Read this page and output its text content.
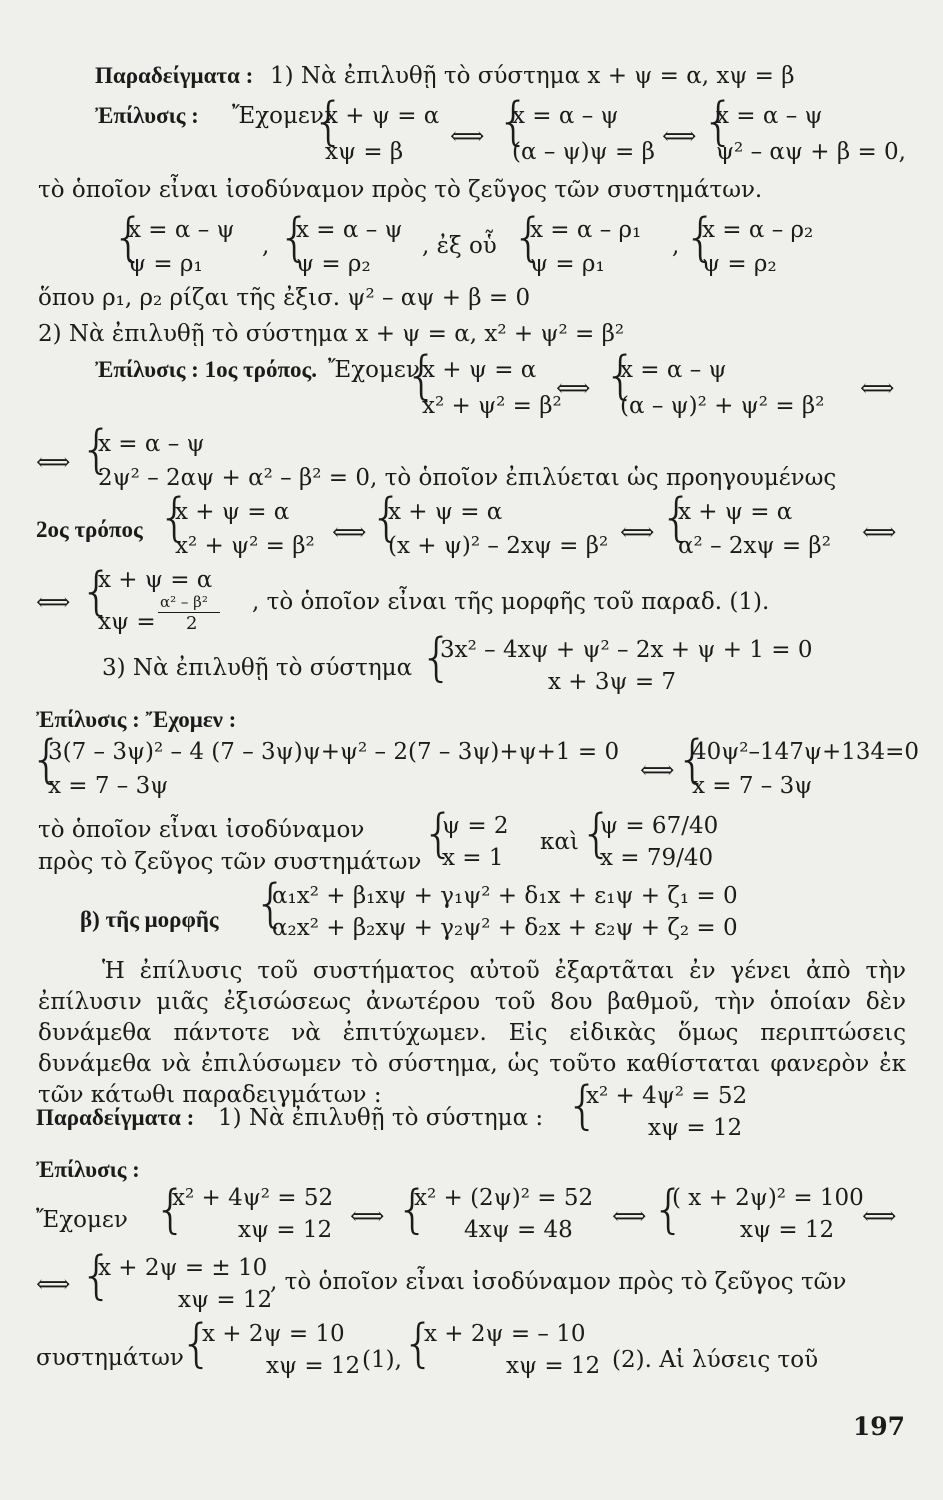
Παραδείγματα : 1) Νὰ ἐπιλυθῇ τὸ σύστημα x + ψ = α, xψ = β
Ἐπίλυσις : Ἔχομεν
{
x + ψ = α
xψ = β
⟺ {
x = α – ψ
(α – ψ)ψ = β
⟺ {
x = α – ψ
ψ² – αψ + β = 0,
τὸ ὁποῖον εἶναι ἰσοδύναμον πρὸς τὸ ζεῦγος τῶν συστημάτων.
{
x = α – ψ
ψ = ρ₁
, {
x = α – ψ
ψ = ρ₂
, ἐξ οὗ {
x = α – ρ₁
ψ = ρ₁
, {
x = α – ρ₂
ψ = ρ₂
ὅπου ρ₁, ρ₂ ρίζαι τῆς ἐξισ. ψ² – αψ + β = 0
2) Νὰ ἐπιλυθῇ τὸ σύστημα x + ψ = α, x² + ψ² = β²
Ἐπίλυσις : 1ος τρόπος. Ἔχομεν
{
x + ψ = α
x² + ψ² = β²
⟺ {
x = α – ψ
(α – ψ)² + ψ² = β²
⟺
⟺ {
x = α – ψ
2ψ² – 2αψ + α² – β² = 0, τὸ ὁποῖον ἐπιλύεται ὡς προηγουμένως
2ος τρόπος {
x + ψ = α
x² + ψ² = β² ⟺ {
x + ψ = α
(x + ψ)² – 2xψ = β² ⟺ {
x + ψ = α
α² – 2xψ = β² ⟺
⟺ {
x + ψ = α
xψ =
α² – β²
2
, τὸ ὁποῖον εἶναι τῆς μορφῆς τοῦ παραδ. (1).
3) Νὰ ἐπιλυθῇ τὸ σύστημα {
3x² – 4xψ + ψ² – 2x + ψ + 1 = 0
x + 3ψ = 7
Ἐπίλυσις : Ἔχομεν :
{
3(7 – 3ψ)² – 4 (7 – 3ψ)ψ+ψ² – 2(7 – 3ψ)+ψ+1 = 0
x = 7 – 3ψ
⟺ {
40ψ²–147ψ+134=0
x = 7 – 3ψ
τὸ ὁποῖον εἶναι ἰσοδύναμον
πρὸς τὸ ζεῦγος τῶν συστημάτων {
ψ = 2
x = 1
καὶ {
ψ = 67/40
x = 79/40
β) τῆς μορφῆς {
α₁x² + β₁xψ + γ₁ψ² + δ₁x + ε₁ψ + ζ₁ = 0
α₂x² + β₂xψ + γ₂ψ² + δ₂x + ε₂ψ + ζ₂ = 0
Ἡ ἐπίλυσις τοῦ συστήματος αὐτοῦ ἐξαρτᾶται ἐν γένει ἀπὸ τὴν ἐπίλυσιν μιᾶς ἐξισώσεως ἀνωτέρου τοῦ 8ου βαθμοῦ, τὴν ὁποίαν δὲν δυνάμεθα πάντοτε νὰ ἐπιτύχωμεν. Εἰς εἰδικὰς ὅμως περιπτώσεις δυνάμεθα νὰ ἐπιλύσωμεν τὸ σύστημα, ὡς τοῦτο καθίσταται φανερὸν ἐκ τῶν κάτωθι παραδειγμάτων :
Παραδείγματα : 1) Νὰ ἐπιλυθῇ τὸ σύστημα : {
x² + 4ψ² = 52
xψ = 12
Ἐπίλυσις :
Ἔχομεν {
x² + 4ψ² = 52
xψ = 12 ⟺ {
x² + (2ψ)² = 52
4xψ = 48 ⟺ {
( x + 2ψ)² = 100
xψ = 12 ⟺
⟺ {
x + 2ψ = ± 10
xψ = 12
, τὸ ὁποῖον εἶναι ἰσοδύναμον πρὸς τὸ ζεῦγος τῶν
συστημάτων
{
x + 2ψ = 10
xψ = 12 (1), {
x + 2ψ = – 10
xψ = 12 (2). Αἱ λύσεις τοῦ
197
